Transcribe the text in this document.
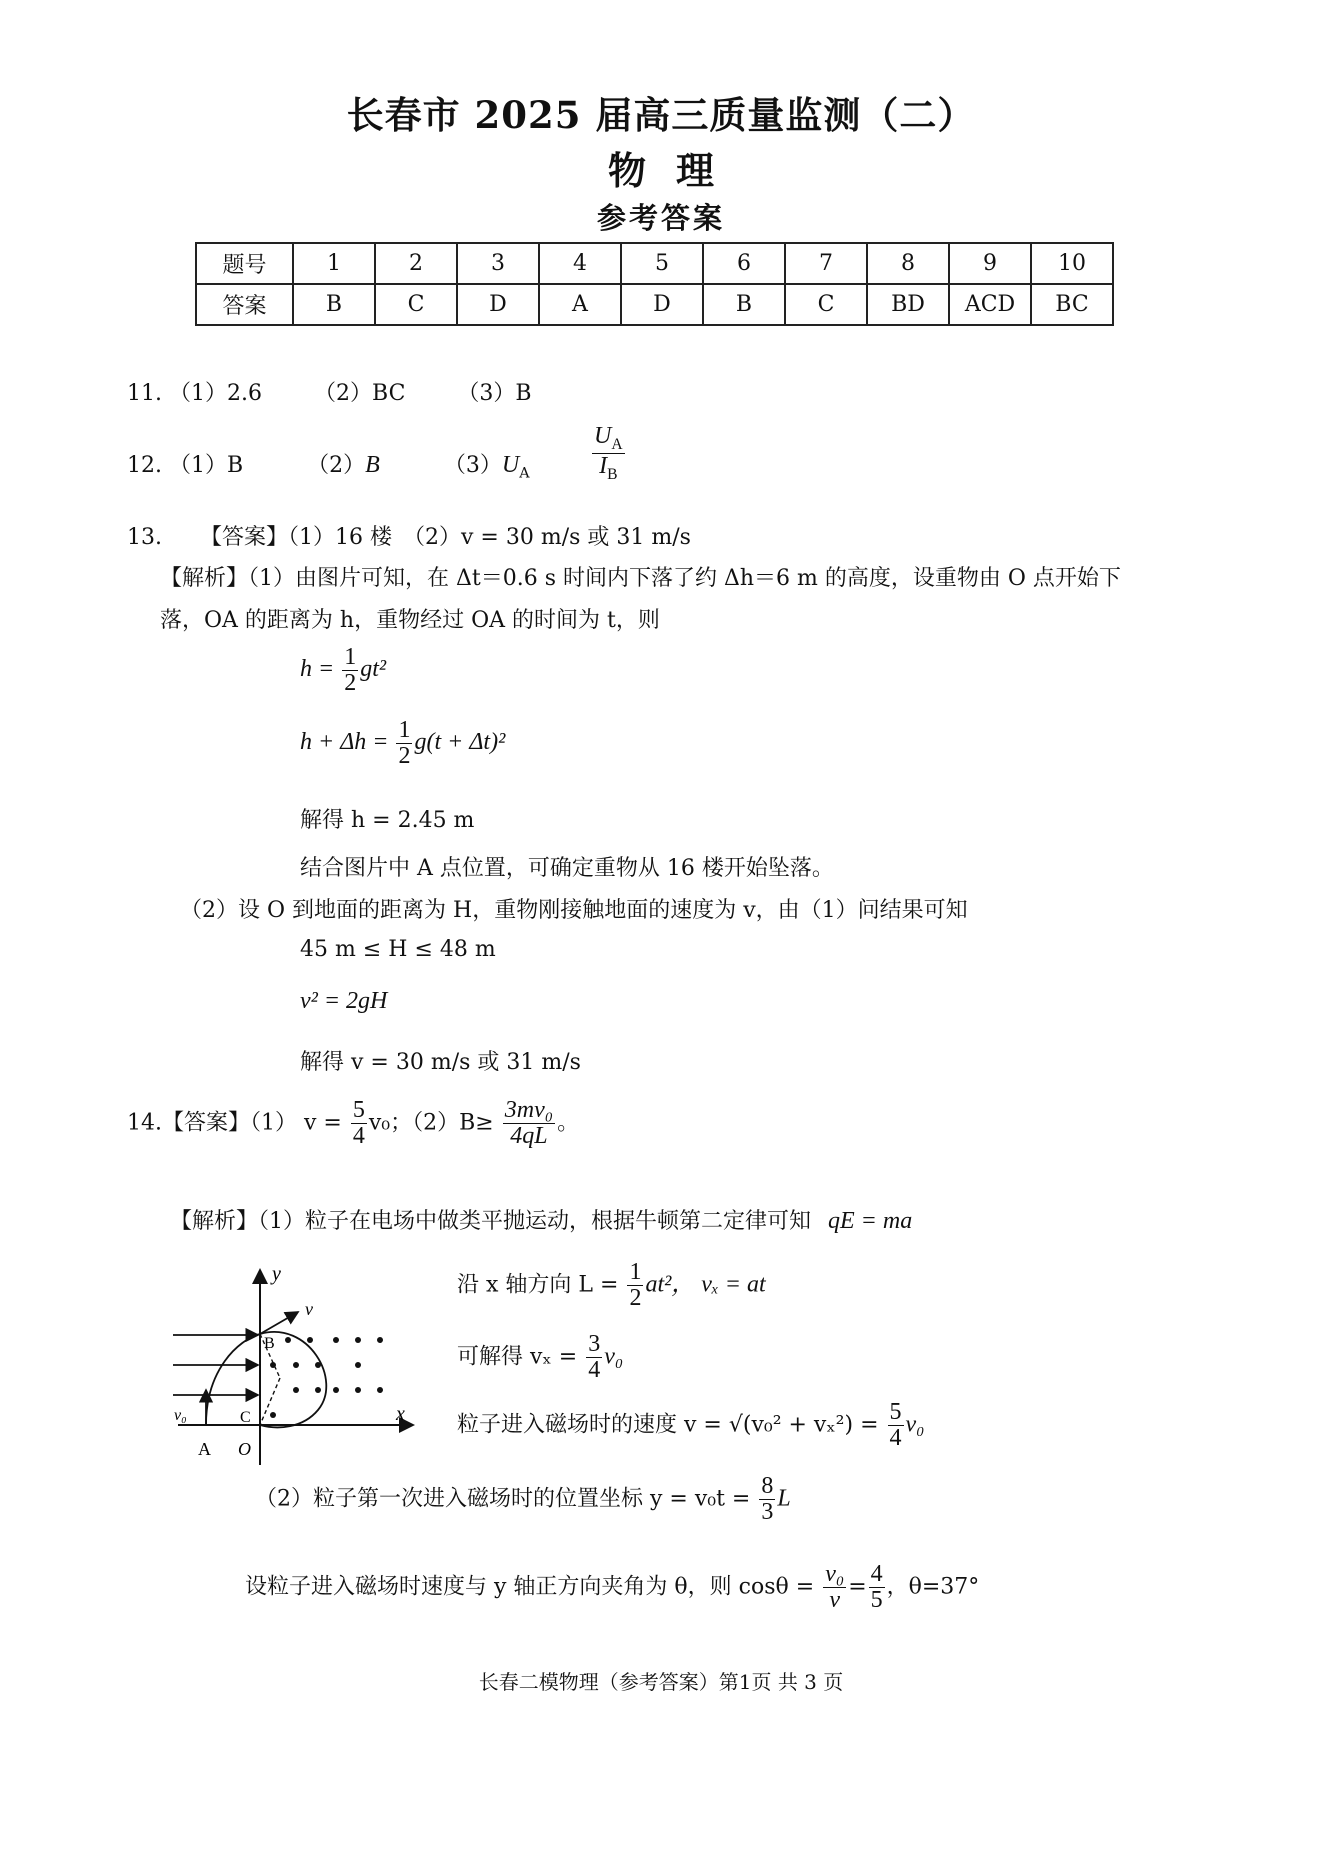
长春市 2025 届高三质量监测（二）
物理
参考答案
题号	1	2	3	4	5	6	7	8	9	10
答案	B	C	D	A	D	B	C	BD	ACD	BC
11. （1）2.6 （2）BC （3）B
12. （1）B	（2）B	$(3)U_A$	$\frac{U_A}{I_B}$
13. 【答案】（1）16 楼　（2）v = 30 m/s 或 31 m/s
【解析】（1）由图片可知，在 Δt＝0.6 s 时间内下落了约 Δh＝6 m 的高度，设重物由 O 点开始下
落，OA 的距离为 h，重物经过 OA 的时间为 t，则
$h = \frac{1}{2} gt^2$
$h + \Delta h = \frac{1}{2} g(t + \Delta t)^2$
解得 h = 2.45 m
结合图片中 A 点位置，可确定重物从 16 楼开始坠落。
（2）设 O 到地面的距离为 H，重物刚接触地面的速度为 v，由（1）问结果可知
45 m ≤ H ≤ 48 m
v² = 2gH
解得 v = 30 m/s 或 31 m/s
14.【答案】（1） $v = \frac{5}{4} v_0$；$(2)B\ge \frac{\text{3mv₀}}{4qL}$ 。
【解析】（1）粒子在电场中做类平抛运动，根据牛顿第二定律可知 qE = ma
y
x
v
v₀
B
C
A O
沿 x 轴方向 $L = \frac{1}{2} at^2$， vₓ = at
可解得 $v_x = \frac{3}{4} v_0$
粒子进入磁场时的速度 $v = √(v_0^2 + v_x^2) = \frac{5}{4} v_0$
（2）粒子第一次进入磁场时的位置坐标 $y = v_0t = \frac{8}{3}$ L
设粒子进入磁场时速度与 y 轴正方向夹角为 θ，则 $\cos\theta = \frac{\text{v₀}}{v} = \frac{4}{5}$ ，θ=37°
长春二模物理（参考答案）第1页 共 3 页
